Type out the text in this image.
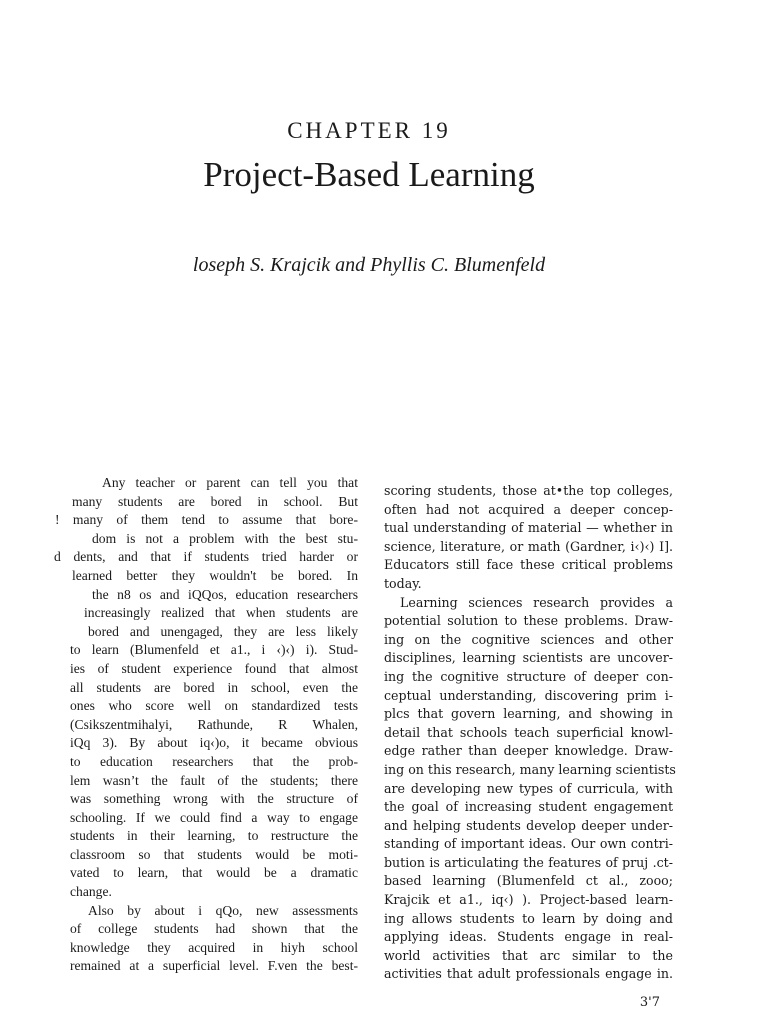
CHAPTER 19
Project-Based Learning
loseph S. Krajcik and Phyllis C. Blumenfeld
Any teacher or parent can tell you that
many students are bored in school. But
! many of them tend to assume that bore-
dom is not a problem with the best stu-
d dents, and that if students tried harder or
learned better they wouldn't be bored. In
the n8 os and iQQos, education researchers
increasingly realized that when students are
bored and unengaged, they are less likely
to learn (Blumenfeld et a1., i ‹)‹) i). Stud-
ies of student experience found that almost
all students are bored in school, even the
ones who score well on standardized tests
(Csikszentmihalyi, Rathunde, R Whalen,
iQq 3). By about iq‹)o, it became obvious
to education researchers that the prob-
lem wasn’t the fault of the students; there
was something wrong with the structure of
schooling. If we could find a way to engage
students in their learning, to restructure the
classroom so that students would be moti-
vated to learn, that would be a dramatic
change.
Also by about i qQo, new assessments
of college students had shown that the
knowledge they acquired in hiyh school
remained at a superficial level. F.ven the best-
scoring students, those at•the top colleges,
often had not acquired a deeper concep-
tual understanding of material — whether in
science, literature, or math (Gardner, i‹)‹) I].
Educators still face these critical problems
today.
Learning sciences research provides a
potential solution to these problems. Draw-
ing on the cognitive sciences and other
disciplines, learning scientists are uncover-
ing the cognitive structure of deeper con-
ceptual understanding, discovering prim i-
plcs that govern learning, and showing in
detail that schools teach superficial knowl-
edge rather than deeper knowledge. Draw-
ing on this research, many learning scientists
are developing new types of curricula, with
the goal of increasing student engagement
and helping students develop deeper under-
standing of important ideas. Our own contri-
bution is articulating the features of pruj .ct-
based learning (Blumenfeld ct al., zooo;
Krajcik et a1., iq‹) ). Project-based learn-
ing allows students to learn by doing and
applying ideas. Students engage in real-
world activities that arc similar to the
activities that adult professionals engage in.
3'7
